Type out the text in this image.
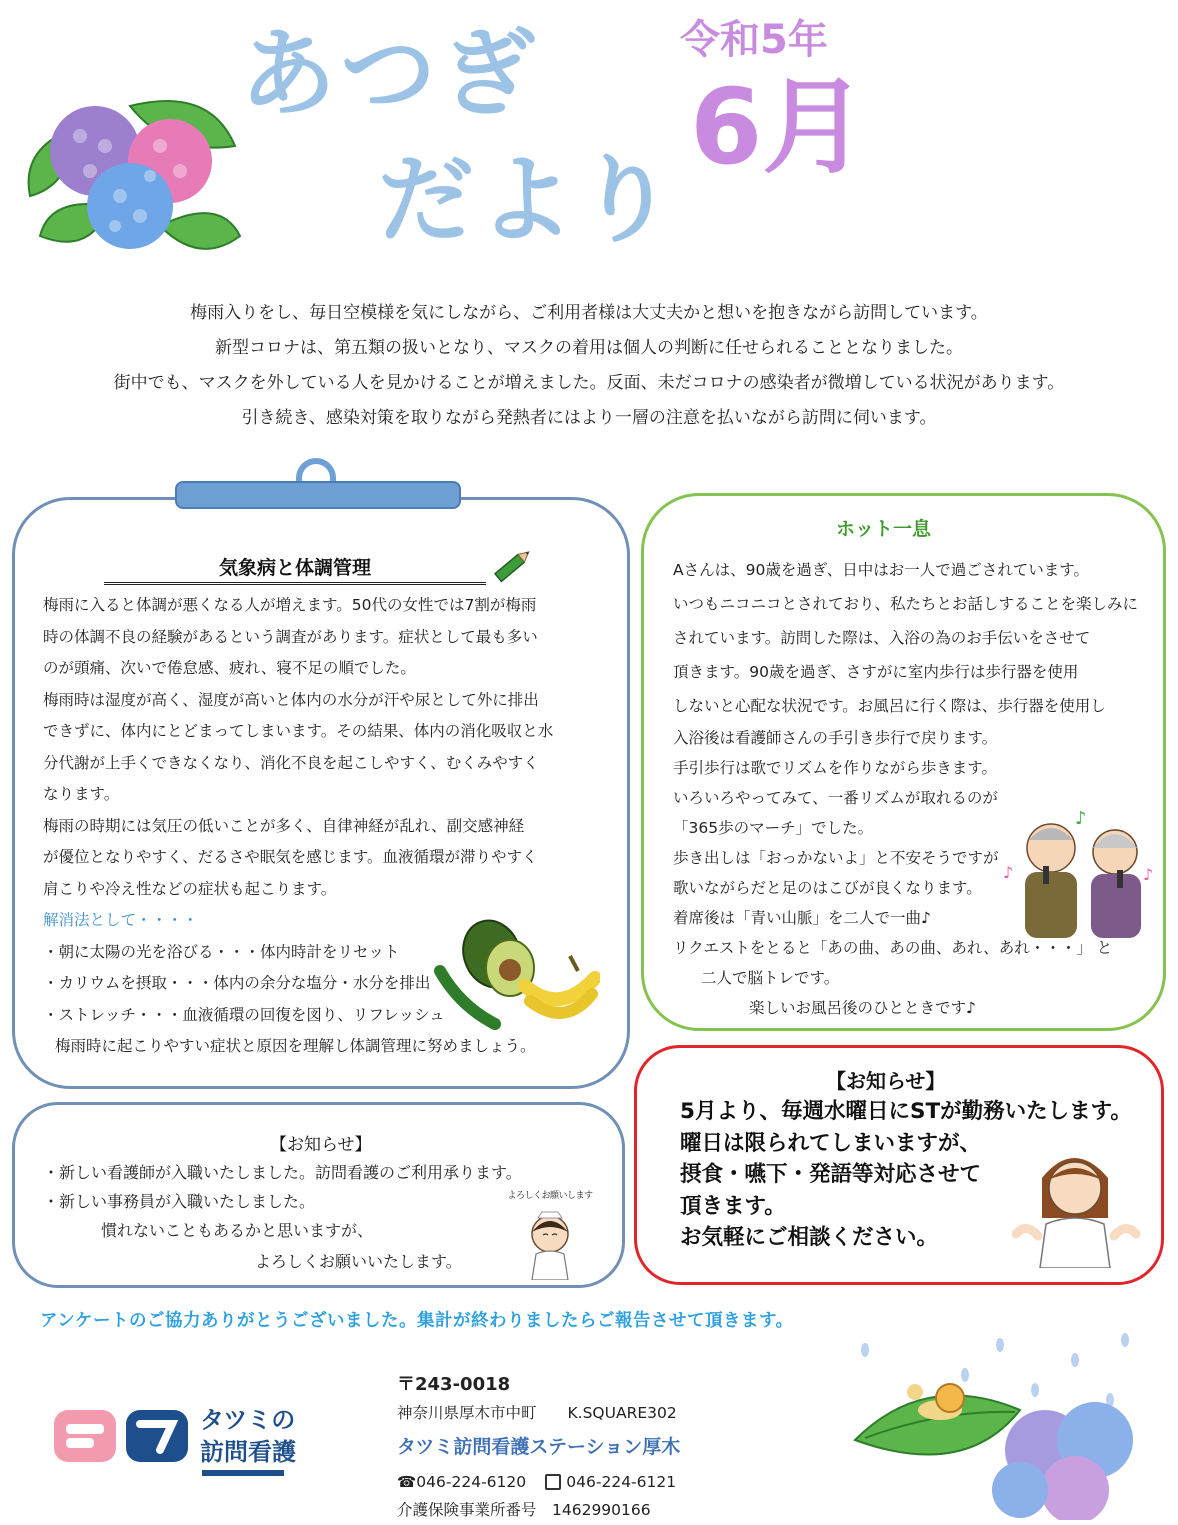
あつぎ
だより
令和5年
6月
梅雨入りをし、毎日空模様を気にしながら、ご利用者様は大丈夫かと想いを抱きながら訪問しています。
新型コロナは、第五類の扱いとなり、マスクの着用は個人の判断に任せられることとなりました。
街中でも、マスクを外している人を見かけることが増えました。反面、未だコロナの感染者が微増している状況があります。
引き続き、感染対策を取りながら発熱者にはより一層の注意を払いながら訪問に伺います。
気象病と体調管理
梅雨に入ると体調が悪くなる人が増えます。50代の女性では7割が梅雨
時の体調不良の経験があるという調査があります。症状として最も多い
のが頭痛、次いで倦怠感、疲れ、寝不足の順でした。
梅雨時は湿度が高く、湿度が高いと体内の水分が汗や尿として外に排出
できずに、体内にとどまってしまいます。その結果、体内の消化吸収と水
分代謝が上手くできなくなり、消化不良を起こしやすく、むくみやすく
なります。
梅雨の時期には気圧の低いことが多く、自律神経が乱れ、副交感神経
が優位となりやすく、だるさや眠気を感じます。血液循環が滞りやすく
肩こりや冷え性などの症状も起こります。
解消法として・・・・
・朝に太陽の光を浴びる・・・体内時計をリセット
・カリウムを摂取・・・体内の余分な塩分・水分を排出
・ストレッチ・・・血液循環の回復を図り、リフレッシュ
梅雨時に起こりやすい症状と原因を理解し体調管理に努めましょう。
ホット一息
Aさんは、90歳を過ぎ、日中はお一人で過ごされています。
いつもニコニコとされており、私たちとお話しすることを楽しみに
されています。訪問した際は、入浴の為のお手伝いをさせて
頂きます。90歳を過ぎ、さすがに室内歩行は歩行器を使用
しないと心配な状況です。お風呂に行く際は、歩行器を使用し
入浴後は看護師さんの手引き歩行で戻ります。
手引歩行は歌でリズムを作りながら歩きます。
いろいろやってみて、一番リズムが取れるのが
「365歩のマーチ」でした。
歩き出しは「おっかないよ」と不安そうですが
歌いながらだと足のはこびが良くなります。
着席後は「青い山脈」を二人で一曲♪
リクエストをとると「あの曲、あの曲、あれ、あれ・・・」 と
二人で脳トレです。
楽しいお風呂後のひとときです♪
♪
♪
♪
【お知らせ】
5月より、毎週水曜日にSTが勤務いたします。
曜日は限られてしまいますが、
摂食・嚥下・発語等対応させて
頂きます。
お気軽にご相談ください。
【お知らせ】
・新しい看護師が入職いたしました。訪問看護のご利用承ります。
・新しい事務員が入職いたしました。
慣れないこともあるかと思いますが、
よろしくお願いいたします。
よろしくお願いします
アンケートのご協力ありがとうございました。集計が終わりましたらご報告させて頂きます。
タツミの
訪問看護
〒243-0018
神奈川県厚木市中町　　K.SQUARE302
タツミ訪問看護ステーション厚木
☎046-224-6120	046-224-6121
介護保険事業所番号　1462990166
